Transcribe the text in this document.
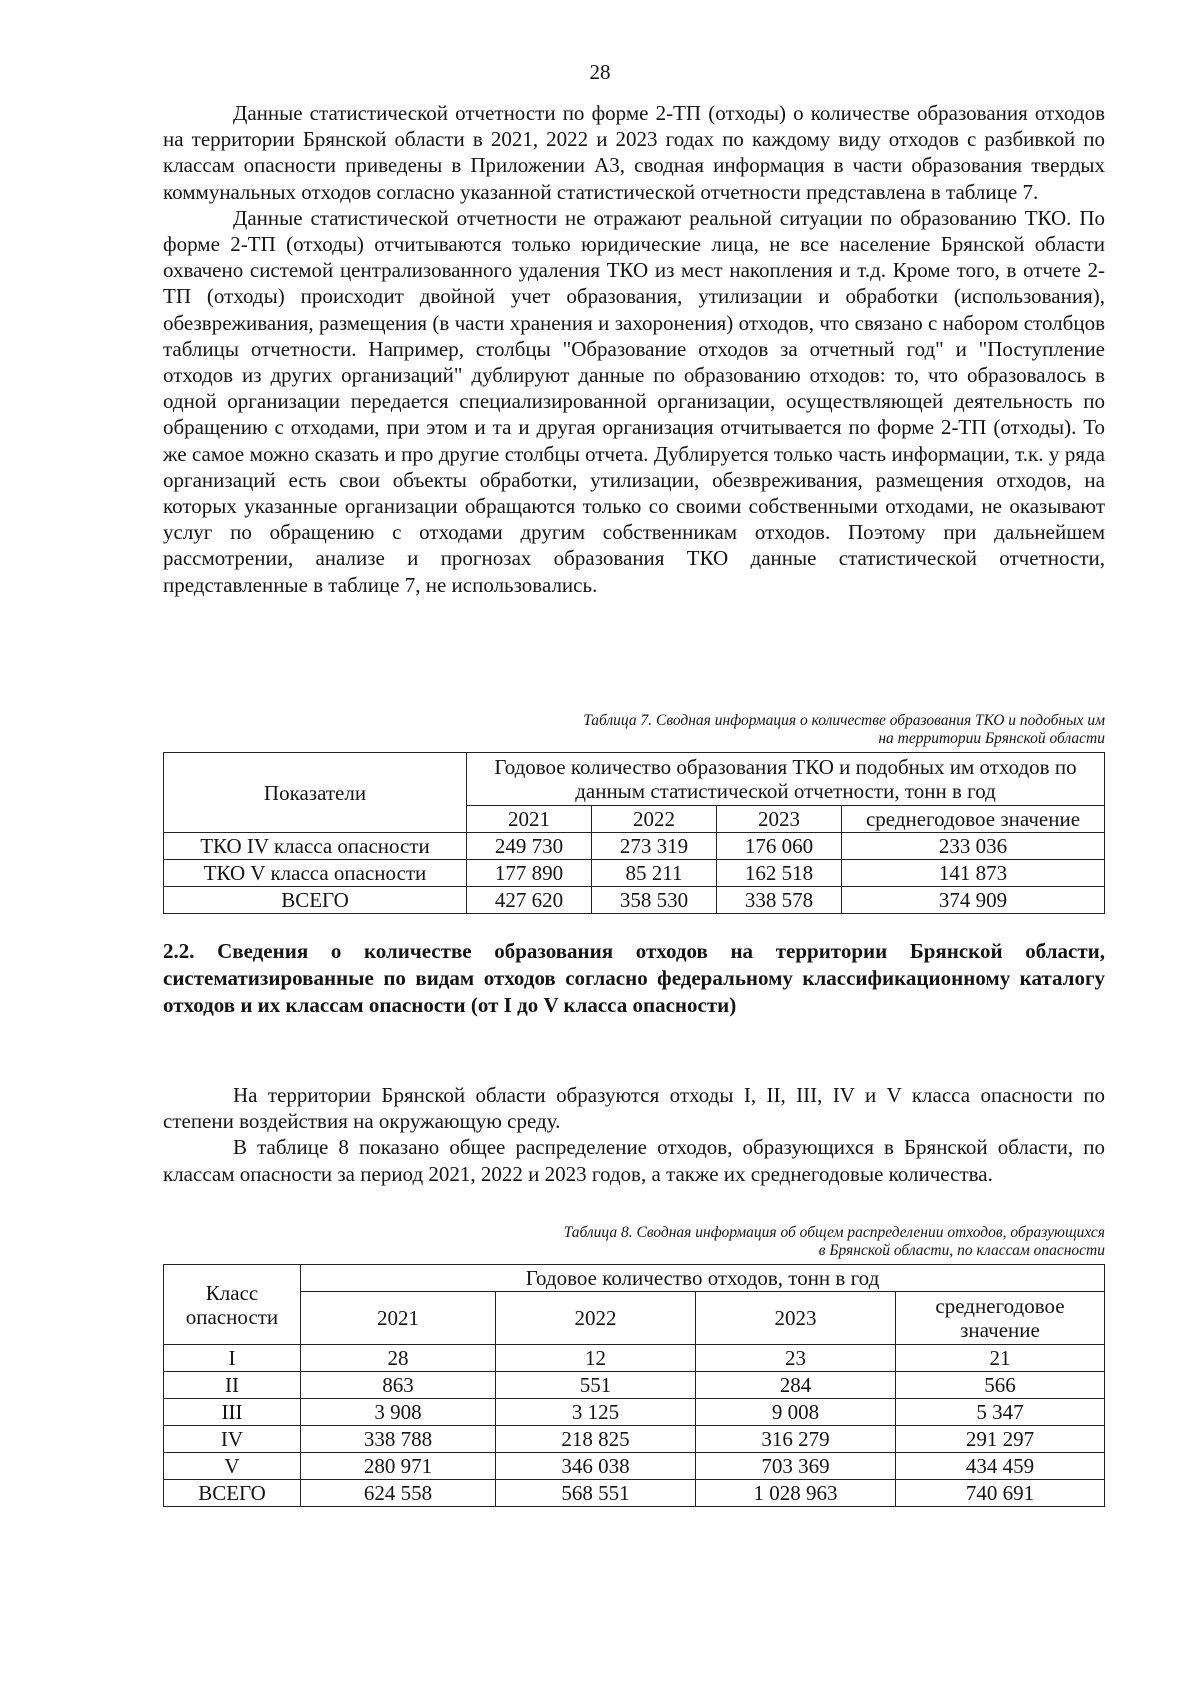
28

Данные статистической отчетности по форме 2-ТП (отходы) о количестве образования отходов на территории Брянской области в 2021, 2022 и 2023 годах по каждому виду отходов с разбивкой по классам опасности приведены в Приложении А3, сводная информация в части образования твердых коммунальных отходов согласно указанной статистической отчетности представлена в таблице 7.

Данные статистической отчетности не отражают реальной ситуации по образованию ТКО. По форме 2-ТП (отходы) отчитываются только юридические лица, не все население Брянской области охвачено системой централизованного удаления ТКО из мест накопления и т.д. Кроме того, в отчете 2-ТП (отходы) происходит двойной учет образования, утилизации и обработки (использования), обезвреживания, размещения (в части хранения и захоронения) отходов, что связано с набором столбцов таблицы отчетности. Например, столбцы "Образование отходов за отчетный год" и "Поступление отходов из других организаций" дублируют данные по образованию отходов: то, что образовалось в одной организации передается специализированной организации, осуществляющей деятельность по обращению с отходами, при этом и та и другая организация отчитывается по форме 2-ТП (отходы). То же самое можно сказать и про другие столбцы отчета. Дублируется только часть информации, т.к. у ряда организаций есть свои объекты обработки, утилизации, обезвреживания, размещения отходов, на которых указанные организации обращаются только со своими собственными отходами, не оказывают услуг по обращению с отходами другим собственникам отходов. Поэтому при дальнейшем рассмотрении, анализе и прогнозах образования ТКО данные статистической отчетности, представленные в таблице 7, не использовались.

Таблица 7. Сводная информация о количестве образования ТКО и подобных им

на территории Брянской области

Показатели	Годовое количество образования ТКО и подобных им отходов по данным статистической отчетности, тонн в год			
	2021	2022	2023	среднегодовое значение
ТКО IV класса опасности	249 730	273 319	176 060	233 036
ТКО V класса опасности	177 890	85 211	162 518	141 873
ВСЕГО	427 620	358 530	338 578	374 909

2.2. Сведения о количестве образования отходов на территории Брянской области, систематизированные по видам отходов согласно федеральному классификационному каталогу отходов и их классам опасности (от I до V класса опасности)

На территории Брянской области образуются отходы I, II, III, IV и V класса опасности по степени воздействия на окружающую среду.

В таблице 8 показано общее распределение отходов, образующихся в Брянской области, по классам опасности за период 2021, 2022 и 2023 годов, а также их среднегодовые количества.

Таблица 8. Сводная информация об общем распределении отходов, образующихся

в Брянской области, по классам опасности

Класс опасности	Годовое количество отходов, тонн в год			
	2021	2022	2023	среднегодовое значение
I	28	12	23	21
II	863	551	284	566
III	3 908	3 125	9 008	5 347
IV	338 788	218 825	316 279	291 297
V	280 971	346 038	703 369	434 459
ВСЕГО	624 558	568 551	1 028 963	740 691
